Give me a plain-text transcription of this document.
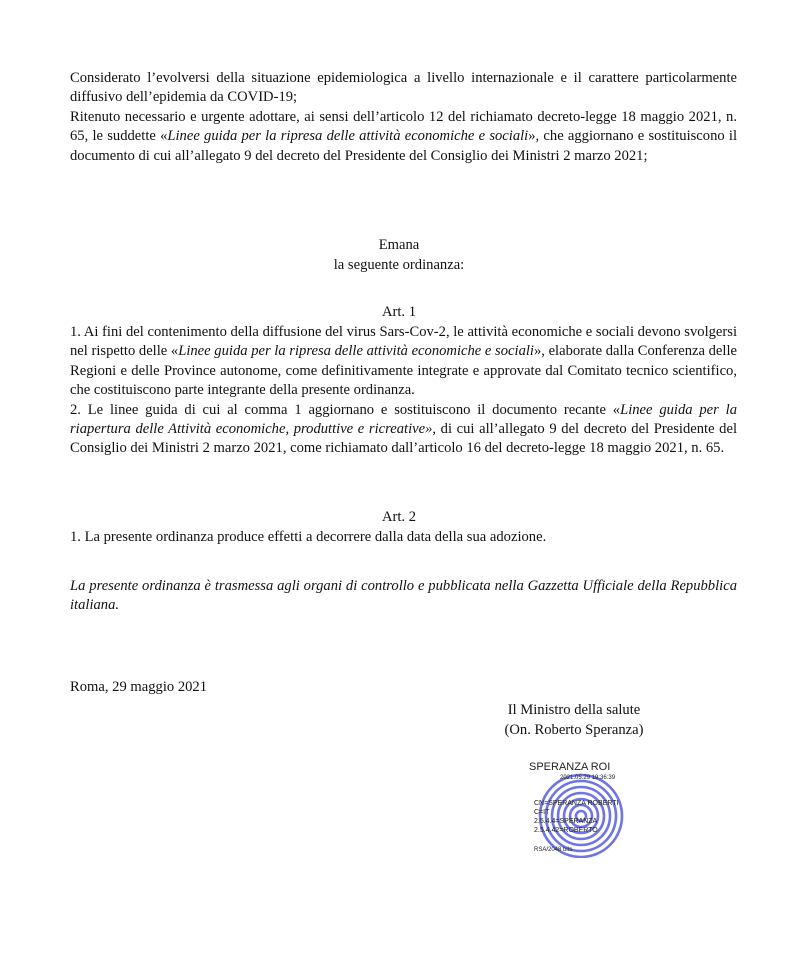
Considerato l’evolversi della situazione epidemiologica a livello internazionale e il carattere particolarmente diffusivo dell’epidemia da COVID-19;

Ritenuto necessario e urgente adottare, ai sensi dell’articolo 12 del richiamato decreto-legge 18 maggio 2021, n. 65, le suddette «Linee guida per la ripresa delle attività economiche e sociali», che aggiornano e sostituiscono il documento di cui all’allegato 9 del decreto del Presidente del Consiglio dei Ministri 2 marzo 2021;

Emana
la seguente ordinanza:
Art. 1

1. Ai fini del contenimento della diffusione del virus Sars-Cov-2, le attività economiche e sociali devono svolgersi nel rispetto delle «Linee guida per la ripresa delle attività economiche e sociali», elaborate dalla Conferenza delle Regioni e delle Province autonome, come definitivamente integrate e approvate dal Comitato tecnico scientifico, che costituiscono parte integrante della presente ordinanza.

2. Le linee guida di cui al comma 1 aggiornano e sostituiscono il documento recante «Linee guida per la riapertura delle Attività economiche, produttive e ricreative», di cui all’allegato 9 del decreto del Presidente del Consiglio dei Ministri 2 marzo 2021, come richiamato dall’articolo 16 del decreto-legge 18 maggio 2021, n. 65.

Art. 2
1. La presente ordinanza produce effetti a decorrere dalla data della sua adozione.
La presente ordinanza è trasmessa agli organi di controllo e pubblicata nella Gazzetta Ufficiale della Repubblica italiana.
Roma, 29 maggio 2021
Il Ministro della salute
(On. Roberto Speranza)
SPERANZA ROI
2021.05.29 19:36:39
CN=SPERANZA ROBERTI
C=IT
2.5.4.4=SPERANZA
2.5.4.42=ROBERTO
RSA/2048 bits
